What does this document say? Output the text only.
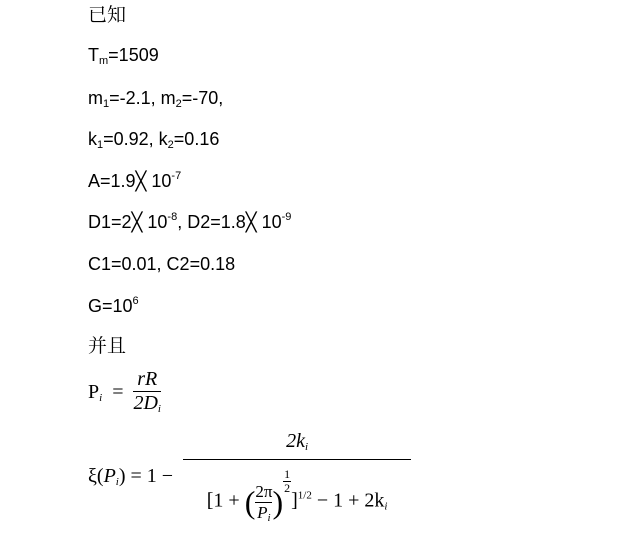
已知
$T_m=1509$
$m_1=-2.1$, $m_2=-70$,
$k_1=0.92$, $k_2=0.16$
A=1.9╳ $10^{-7}$
D1=2╳ $10^{-8}$, D2=1.8╳ $10^{-9}$
C1=0.01, C2=0.18
$G=10^6$
并且
$P_i = \frac{rR}{2D_i}$
$\xi(P_i) = 1 - 2k_i$
[1 + ( $\frac{2\pi}{P_i}$ )
$\frac{1}{2}]^{1/2} - 1 + 2k_i$
